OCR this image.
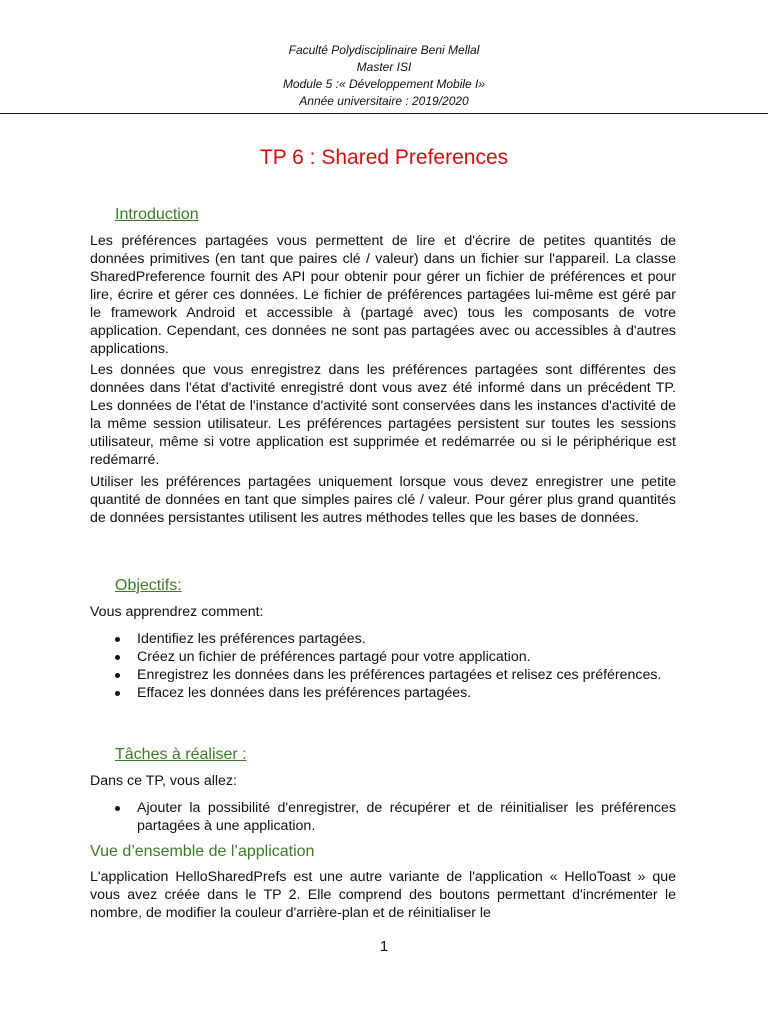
Faculté Polydisciplinaire Beni Mellal
Master ISI
Module 5 :« Développement Mobile I»
Année universitaire : 2019/2020
TP 6 : Shared Preferences
Introduction

Les préférences partagées vous permettent de lire et d'écrire de petites quantités de données primitives (en tant que paires clé / valeur) dans un fichier sur l'appareil. La classe SharedPreference fournit des API pour obtenir pour gérer un fichier de préférences et pour lire, écrire et gérer ces données. Le fichier de préférences partagées lui-même est géré par le framework Android et accessible à (partagé avec) tous les composants de votre application. Cependant, ces données ne sont pas partagées avec ou accessibles à d'autres applications.

Les données que vous enregistrez dans les préférences partagées sont différentes des données dans l'état d'activité enregistré dont vous avez été informé dans un précédent TP. Les données de l'état de l'instance d'activité sont conservées dans les instances d'activité de la même session utilisateur. Les préférences partagées persistent sur toutes les sessions utilisateur, même si votre application est supprimée et redémarrée ou si le périphérique est redémarré.

Utiliser les préférences partagées uniquement lorsque vous devez enregistrer une petite quantité de données en tant que simples paires clé / valeur. Pour gérer plus grand quantités de données persistantes utilisent les autres méthodes telles que les bases de données.

Objectifs:

Vous apprendrez comment:

Identifiez les préférences partagées.
Créez un fichier de préférences partagé pour votre application.
Enregistrez les données dans les préférences partagées et relisez ces préférences.
Effacez les données dans les préférences partagées.
Tâches à réaliser :

Dans ce TP, vous allez:

Ajouter la possibilité d'enregistrer, de récupérer et de réinitialiser les préférences partagées à une application.
Vue d’ensemble de l’application

L'application HelloSharedPrefs est une autre variante de l'application « HelloToast » que vous avez créée dans le TP 2. Elle comprend des boutons permettant d'incrémenter le nombre, de modifier la couleur d'arrière-plan et de réinitialiser le

1
